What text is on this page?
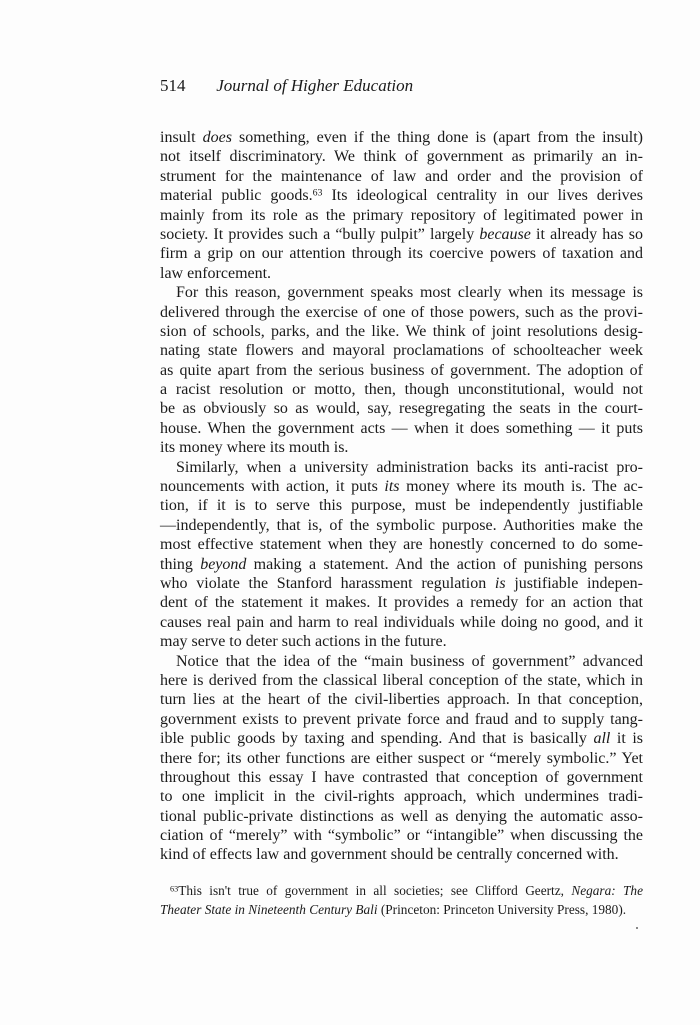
514 Journal of Higher Education
insult does something, even if the thing done is (apart from the insult)
not itself discriminatory. We think of government as primarily an in-
strument for the maintenance of law and order and the provision of
material public goods.$^{63}$ Its ideological centrality in our lives derives
mainly from its role as the primary repository of legitimated power in
society. It provides such a “bully pulpit” largely because it already has so
firm a grip on our attention through its coercive powers of taxation and
law enforcement.
For this reason, government speaks most clearly when its message is
delivered through the exercise of one of those powers, such as the provi-
sion of schools, parks, and the like. We think of joint resolutions desig-
nating state flowers and mayoral proclamations of schoolteacher week
as quite apart from the serious business of government. The adoption of
a racist resolution or motto, then, though unconstitutional, would not
be as obviously so as would, say, resegregating the seats in the court-
house. When the government acts — when it does something — it puts
its money where its mouth is.
Similarly, when a university administration backs its anti-racist pro-
nouncements with action, it puts its money where its mouth is. The ac-
tion, if it is to serve this purpose, must be independently justifiable
—independently, that is, of the symbolic purpose. Authorities make the
most effective statement when they are honestly concerned to do some-
thing beyond making a statement. And the action of punishing persons
who violate the Stanford harassment regulation is justifiable indepen-
dent of the statement it makes. It provides a remedy for an action that
causes real pain and harm to real individuals while doing no good, and it
may serve to deter such actions in the future.
Notice that the idea of the “main business of government” advanced
here is derived from the classical liberal conception of the state, which in
turn lies at the heart of the civil-liberties approach. In that conception,
government exists to prevent private force and fraud and to supply tang-
ible public goods by taxing and spending. And that is basically all it is
there for; its other functions are either suspect or “merely symbolic.” Yet
throughout this essay I have contrasted that conception of government
to one implicit in the civil-rights approach, which undermines tradi-
tional public-private distinctions as well as denying the automatic asso-
ciation of “merely” with “symbolic” or “intangible” when discussing the
kind of effects law and government should be centrally concerned with.
$^{63}$This isn't true of government in all societies; see Clifford Geertz, Negara: The
Theater State in Nineteenth Century Bali (Princeton: Princeton University Press, 1980).
